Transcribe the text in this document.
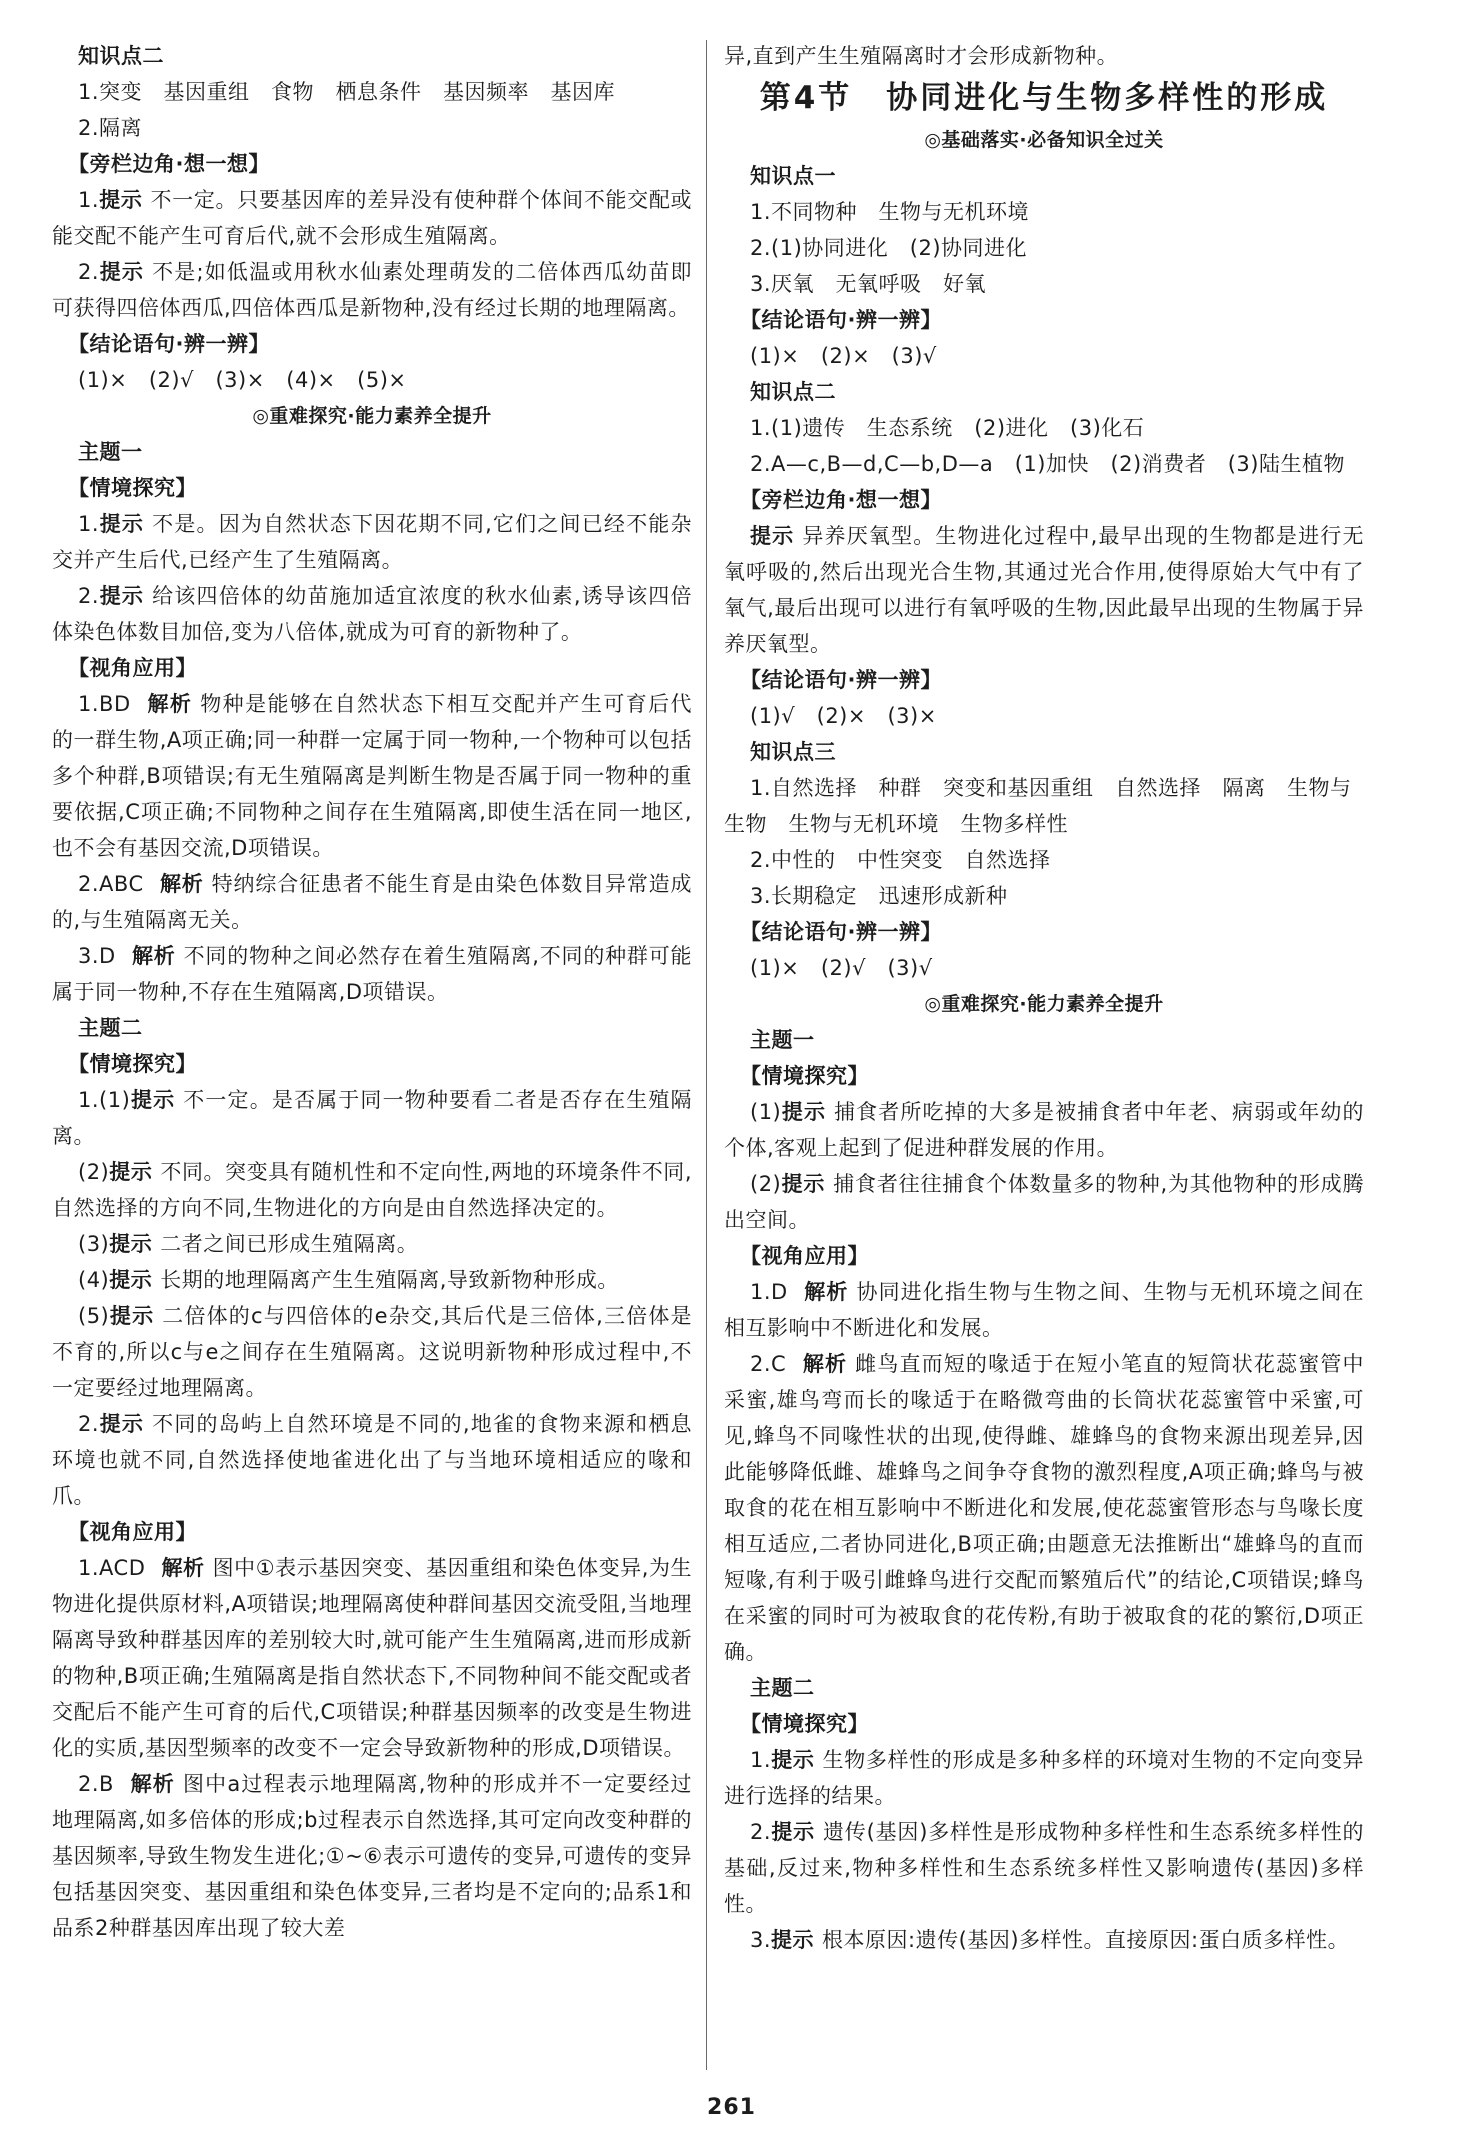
知识点二
1.突变　基因重组　食物　栖息条件　基因频率　基因库
2.隔离
【旁栏边角·想一想】
1.提示 不一定。只要基因库的差异没有使种群个体间不能交配或能交配不能产生可育后代,就不会形成生殖隔离。
2.提示 不是;如低温或用秋水仙素处理萌发的二倍体西瓜幼苗即可获得四倍体西瓜,四倍体西瓜是新物种,没有经过长期的地理隔离。
【结论语句·辨一辨】
(1)×　(2)√　(3)×　(4)×　(5)×
◎重难探究·能力素养全提升
主题一
【情境探究】
1.提示 不是。因为自然状态下因花期不同,它们之间已经不能杂交并产生后代,已经产生了生殖隔离。
2.提示 给该四倍体的幼苗施加适宜浓度的秋水仙素,诱导该四倍体染色体数目加倍,变为八倍体,就成为可育的新物种了。
【视角应用】
1.BD 解析 物种是能够在自然状态下相互交配并产生可育后代的一群生物,A项正确;同一种群一定属于同一物种,一个物种可以包括多个种群,B项错误;有无生殖隔离是判断生物是否属于同一物种的重要依据,C项正确;不同物种之间存在生殖隔离,即使生活在同一地区,也不会有基因交流,D项错误。
2.ABC 解析 特纳综合征患者不能生育是由染色体数目异常造成的,与生殖隔离无关。
3.D 解析 不同的物种之间必然存在着生殖隔离,不同的种群可能属于同一物种,不存在生殖隔离,D项错误。
主题二
【情境探究】
1.(1)提示 不一定。是否属于同一物种要看二者是否存在生殖隔离。
(2)提示 不同。突变具有随机性和不定向性,两地的环境条件不同,自然选择的方向不同,生物进化的方向是由自然选择决定的。
(3)提示 二者之间已形成生殖隔离。
(4)提示 长期的地理隔离产生生殖隔离,导致新物种形成。
(5)提示 二倍体的c与四倍体的e杂交,其后代是三倍体,三倍体是不育的,所以c与e之间存在生殖隔离。这说明新物种形成过程中,不一定要经过地理隔离。
2.提示 不同的岛屿上自然环境是不同的,地雀的食物来源和栖息环境也就不同,自然选择使地雀进化出了与当地环境相适应的喙和爪。
【视角应用】
1.ACD 解析 图中①表示基因突变、基因重组和染色体变异,为生物进化提供原材料,A项错误;地理隔离使种群间基因交流受阻,当地理隔离导致种群基因库的差别较大时,就可能产生生殖隔离,进而形成新的物种,B项正确;生殖隔离是指自然状态下,不同物种间不能交配或者交配后不能产生可育的后代,C项错误;种群基因频率的改变是生物进化的实质,基因型频率的改变不一定会导致新物种的形成,D项错误。
2.B 解析 图中a过程表示地理隔离,物种的形成并不一定要经过地理隔离,如多倍体的形成;b过程表示自然选择,其可定向改变种群的基因频率,导致生物发生进化;①~⑥表示可遗传的变异,可遗传的变异包括基因突变、基因重组和染色体变异,三者均是不定向的;品系1和品系2种群基因库出现了较大差
异,直到产生生殖隔离时才会形成新物种。
第4节　协同进化与生物多样性的形成
◎基础落实·必备知识全过关
知识点一
1.不同物种　生物与无机环境
2.(1)协同进化　(2)协同进化
3.厌氧　无氧呼吸　好氧
【结论语句·辨一辨】
(1)×　(2)×　(3)√
知识点二
1.(1)遗传　生态系统　(2)进化　(3)化石
2.A—c,B—d,C—b,D—a　(1)加快　(2)消费者　(3)陆生植物
【旁栏边角·想一想】
提示 异养厌氧型。生物进化过程中,最早出现的生物都是进行无氧呼吸的,然后出现光合生物,其通过光合作用,使得原始大气中有了氧气,最后出现可以进行有氧呼吸的生物,因此最早出现的生物属于异养厌氧型。
【结论语句·辨一辨】
(1)√　(2)×　(3)×
知识点三
1.自然选择　种群　突变和基因重组　自然选择　隔离　生物与生物　生物与无机环境　生物多样性
2.中性的　中性突变　自然选择
3.长期稳定　迅速形成新种
【结论语句·辨一辨】
(1)×　(2)√　(3)√
◎重难探究·能力素养全提升
主题一
【情境探究】
(1)提示 捕食者所吃掉的大多是被捕食者中年老、病弱或年幼的个体,客观上起到了促进种群发展的作用。
(2)提示 捕食者往往捕食个体数量多的物种,为其他物种的形成腾出空间。
【视角应用】
1.D 解析 协同进化指生物与生物之间、生物与无机环境之间在相互影响中不断进化和发展。
2.C 解析 雌鸟直而短的喙适于在短小笔直的短筒状花蕊蜜管中采蜜,雄鸟弯而长的喙适于在略微弯曲的长筒状花蕊蜜管中采蜜,可见,蜂鸟不同喙性状的出现,使得雌、雄蜂鸟的食物来源出现差异,因此能够降低雌、雄蜂鸟之间争夺食物的激烈程度,A项正确;蜂鸟与被取食的花在相互影响中不断进化和发展,使花蕊蜜管形态与鸟喙长度相互适应,二者协同进化,B项正确;由题意无法推断出“雄蜂鸟的直而短喙,有利于吸引雌蜂鸟进行交配而繁殖后代”的结论,C项错误;蜂鸟在采蜜的同时可为被取食的花传粉,有助于被取食的花的繁衍,D项正确。
主题二
【情境探究】
1.提示 生物多样性的形成是多种多样的环境对生物的不定向变异进行选择的结果。
2.提示 遗传(基因)多样性是形成物种多样性和生态系统多样性的基础,反过来,物种多样性和生态系统多样性又影响遗传(基因)多样性。
3.提示 根本原因:遗传(基因)多样性。直接原因:蛋白质多样性。
261
